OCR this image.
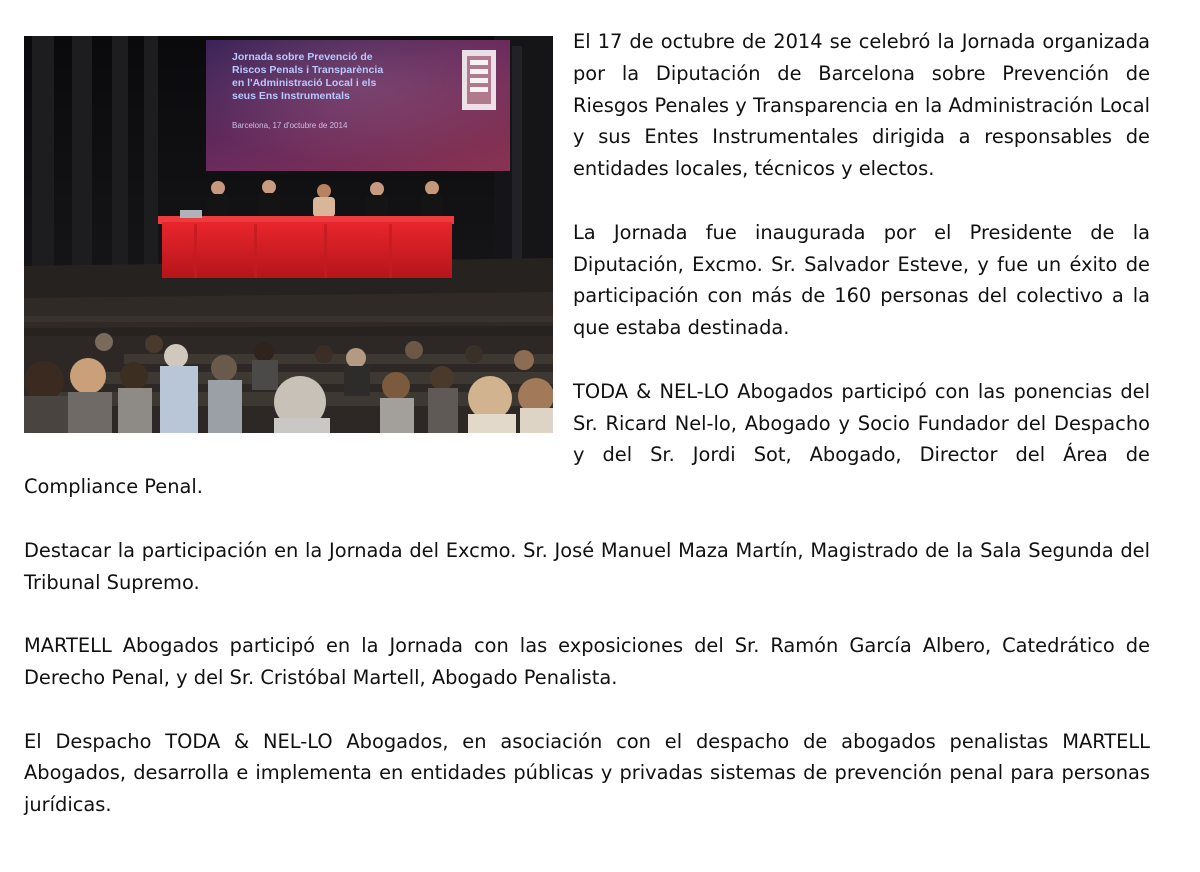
Jornada sobre Prevenció de Riscos Penals i Transparència en l'Administració Local i els seus Ens Instrumentals
Barcelona, 17 d'octubre de 2014

El 17 de octubre de 2014 se celebró la Jornada organizada por la Diputación de Barcelona sobre Prevención de Riesgos Penales y Transparencia en la Administración Local y sus Entes Instrumentales dirigida a responsables de entidades locales, técnicos y electos.

La Jornada fue inaugurada por el Presidente de la Diputación, Excmo. Sr. Salvador Esteve, y fue un éxito de participación con más de 160 personas del colectivo a la que estaba destinada.

TODA & NEL-LO Abogados participó con las ponencias del Sr. Ricard Nel-lo, Abogado y Socio Fundador del Despacho y del Sr. Jordi Sot, Abogado, Director del Área de Compliance Penal.

Destacar la participación en la Jornada del Excmo. Sr. José Manuel Maza Martín, Magistrado de la Sala Segunda del Tribunal Supremo.

MARTELL Abogados participó en la Jornada con las exposiciones del Sr. Ramón García Albero, Catedrático de Derecho Penal, y del Sr. Cristóbal Martell, Abogado Penalista.

El Despacho TODA & NEL-LO Abogados, en asociación con el despacho de abogados penalistas MARTELL Abogados, desarrolla e implementa en entidades públicas y privadas sistemas de prevención penal para personas jurídicas.
